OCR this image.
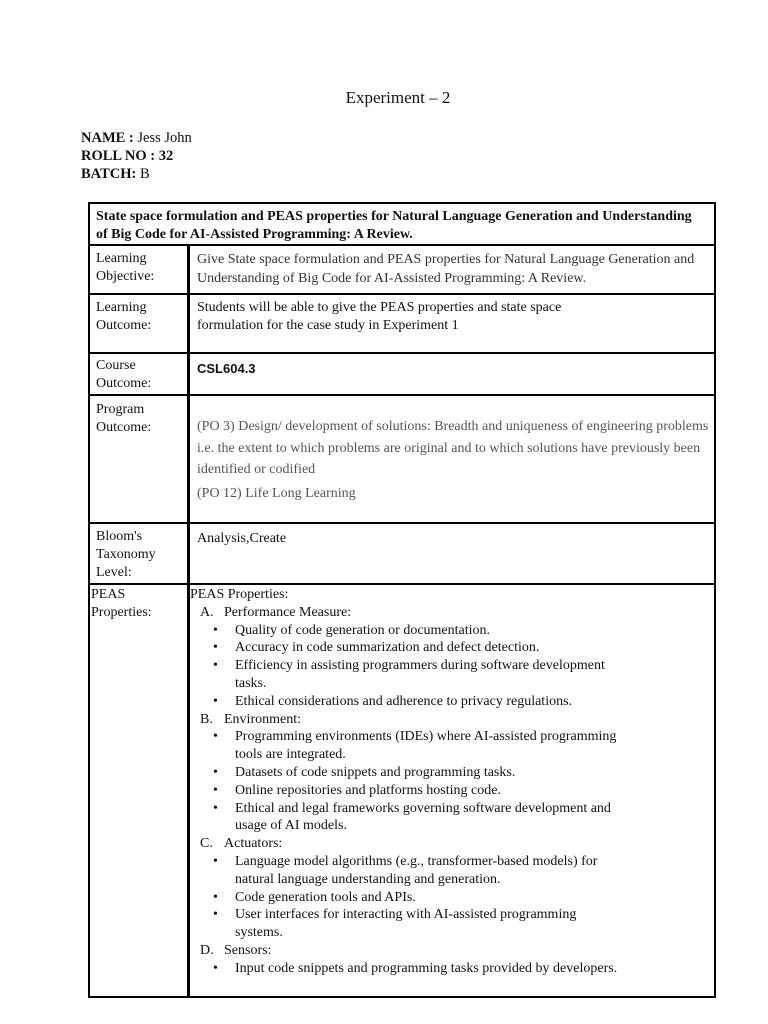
Experiment – 2
NAME : Jess John
ROLL NO : 32
BATCH: B
State space formulation and PEAS properties for Natural Language Generation and Understanding of Big Code for AI-Assisted Programming: A Review.
Learning Objective:
Give State space formulation and PEAS properties for Natural Language Generation and Understanding of Big Code for AI-Assisted Programming: A Review.
Learning Outcome:
Students will be able to give the PEAS properties and state space formulation for the case study in Experiment 1
Course Outcome:
CSL604.3
Program Outcome:	(PO 3) Design/ development of solutions: Breadth and uniqueness of engineering problems i.e. the extent to which problems are original and to which solutions have previously been identified or codified
(PO 12) Life Long Learning
Bloom's Taxonomy Level:
Analysis,Create
PEAS Properties:
PEAS Properties:
A. Performance Measure:
• Quality of code generation or documentation.
• Accuracy in code summarization and defect detection.
• Efficiency in assisting programmers during software development tasks.
• Ethical considerations and adherence to privacy regulations.
B. Environment:
• Programming environments (IDEs) where AI-assisted programming tools are integrated.
• Datasets of code snippets and programming tasks.
• Online repositories and platforms hosting code.
• Ethical and legal frameworks governing software development and usage of AI models.
C. Actuators:
• Language model algorithms (e.g., transformer-based models) for natural language understanding and generation.
• Code generation tools and APIs.
• User interfaces for interacting with AI-assisted programming systems.
D. Sensors:
• Input code snippets and programming tasks provided by developers.
